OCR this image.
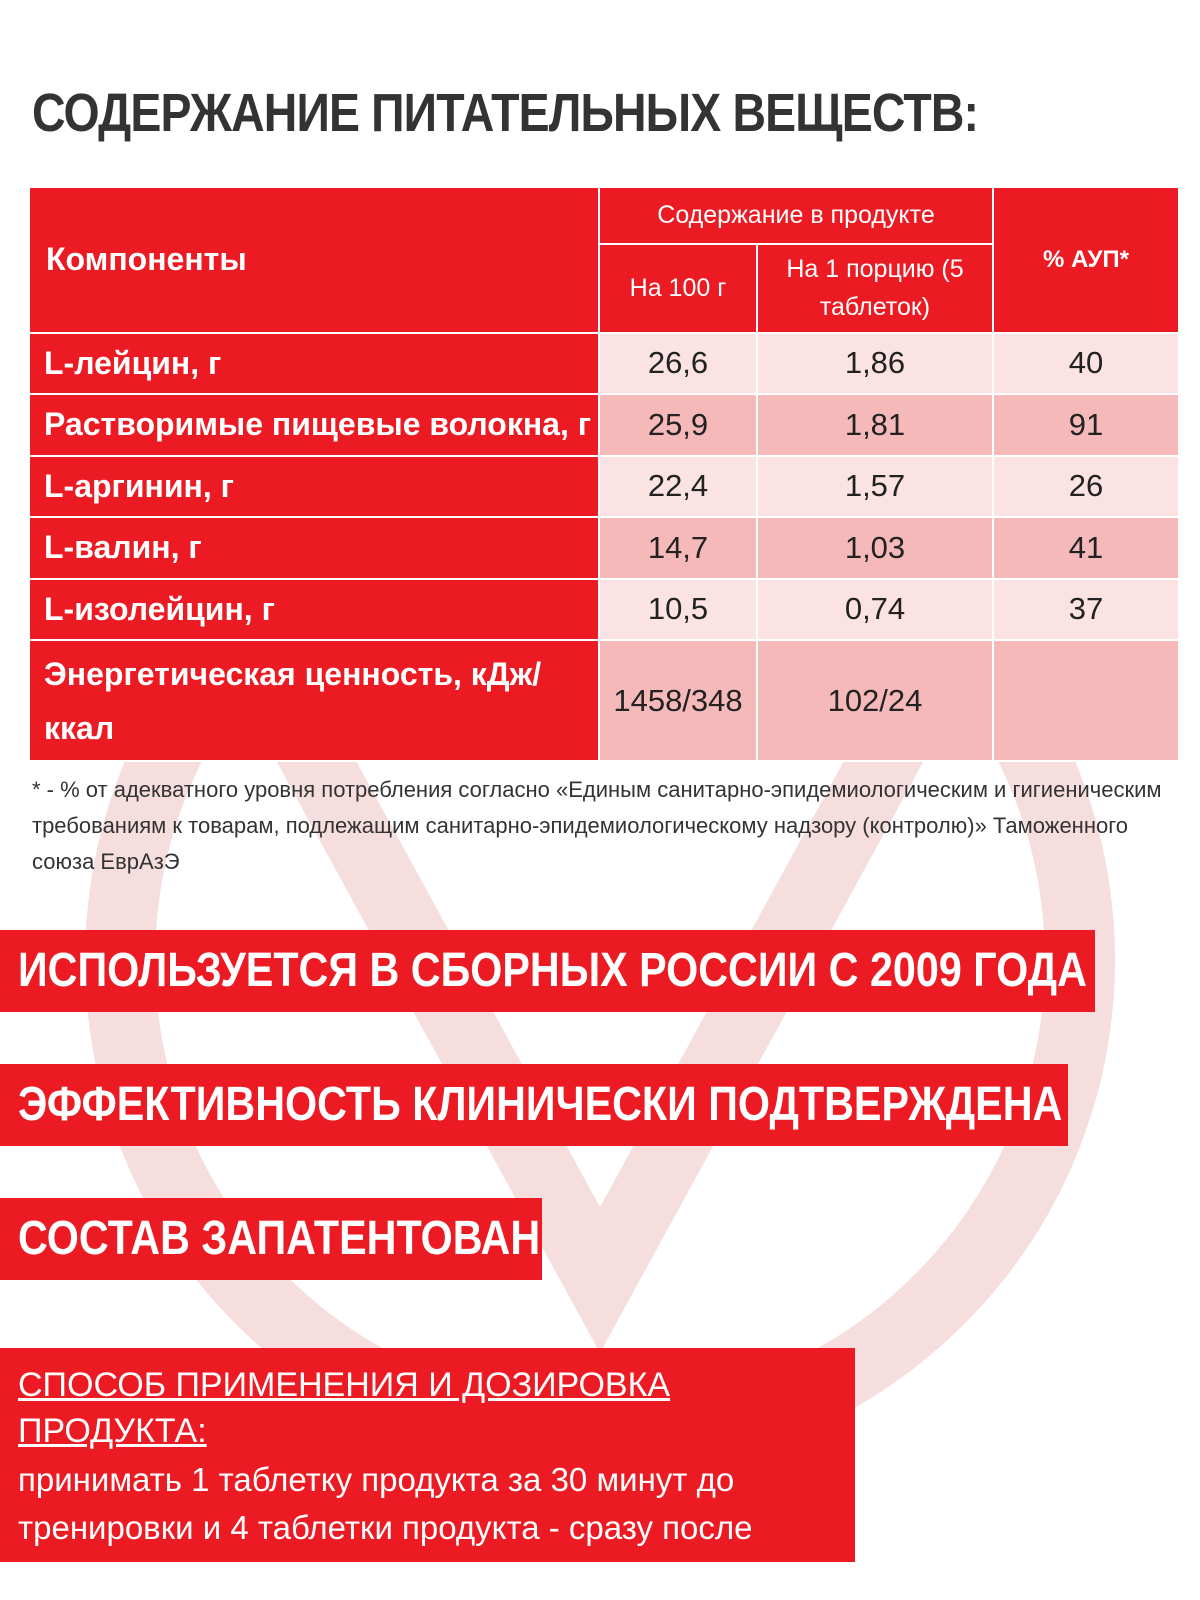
СОДЕРЖАНИЕ ПИТАТЕЛЬНЫХ ВЕЩЕСТВ:
Компоненты	Содержание в продукте		% АУП*
	На 100 г	На 1 порцию (5 таблеток)	
L-лейцин, г	26,6	1,86	40
Растворимые пищевые волокна, г	25,9	1,81	91
L-аргинин, г	22,4	1,57	26
L-валин, г	14,7	1,03	41
L-изолейцин, г	10,5	0,74	37
Энергетическая ценность, кДж/ккал	1458/348	102/24	
* - % от адекватного уровня потребления согласно «Единым санитарно-эпидемиологическим и гигиеническим требованиям к товарам, подлежащим санитарно-эпидемиологическому надзору (контролю)» Таможенного союза ЕврАзЭ
ИСПОЛЬЗУЕТСЯ В СБОРНЫХ РОССИИ С 2009 ГОДА
ЭФФЕКТИВНОСТЬ КЛИНИЧЕСКИ ПОДТВЕРЖДЕНА
СОСТАВ ЗАПАТЕНТОВАН
СПОСОБ ПРИМЕНЕНИЯ И ДОЗИРОВКА ПРОДУКТА:
принимать 1 таблетку продукта за 30 минут до тренировки и 4 таблетки продукта - сразу после тренировки, запивая водой.
